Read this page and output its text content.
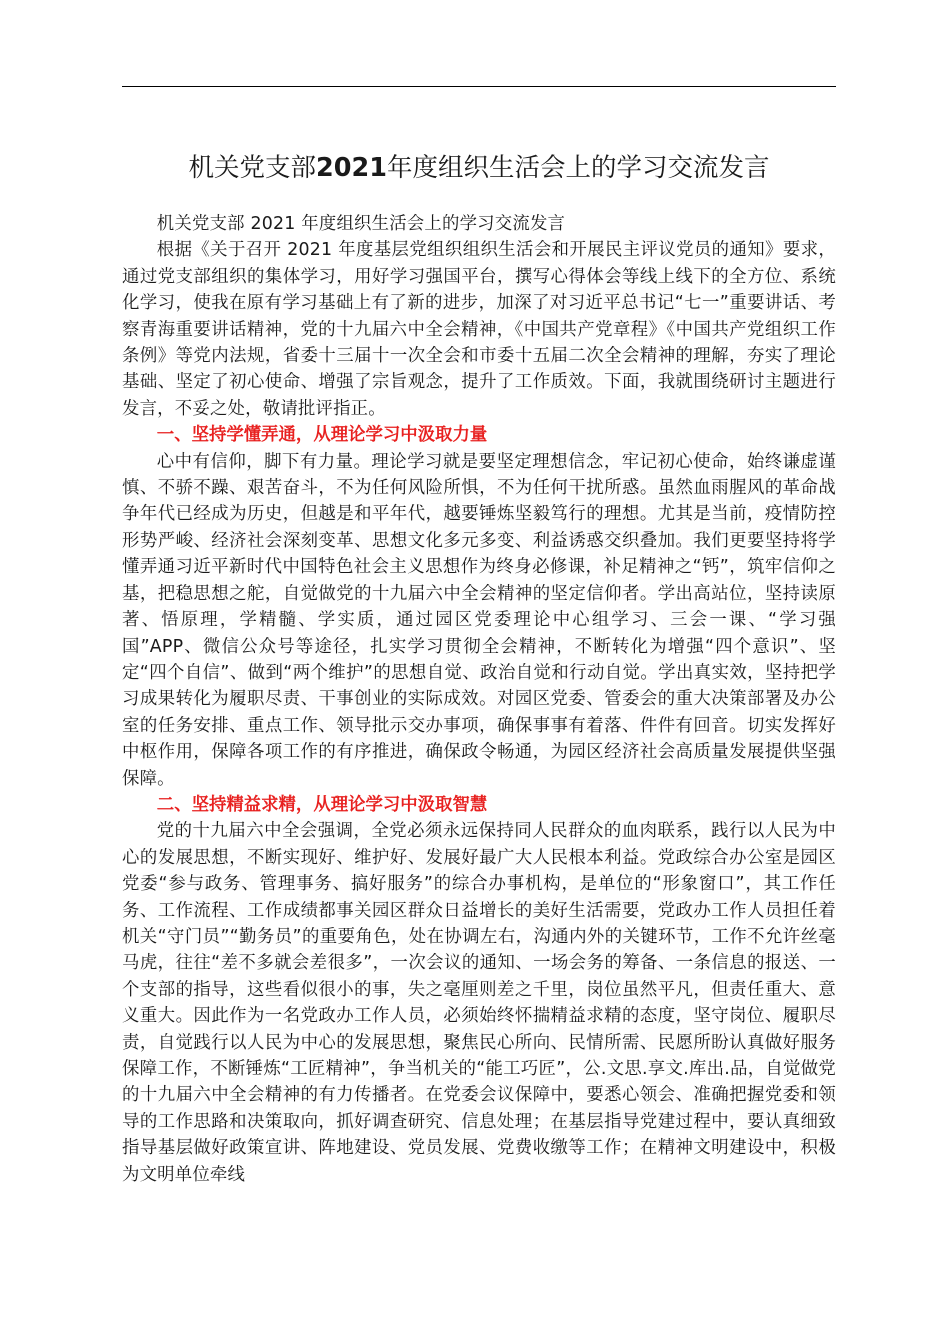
机关党支部2021年度组织生活会上的学习交流发言

机关党支部 2021 年度组织生活会上的学习交流发言

根据《关于召开 2021 年度基层党组织组织生活会和开展民主评议党员的通知》要求，通过党支部组织的集体学习，用好学习强国平台，撰写心得体会等线上线下的全方位、系统化学习，使我在原有学习基础上有了新的进步，加深了对习近平总书记“七一”重要讲话、考察青海重要讲话精神，党的十九届六中全会精神，《中国共产党章程》《中国共产党组织工作条例》等党内法规，省委十三届十一次全会和市委十五届二次全会精神的理解，夯实了理论基础、坚定了初心使命、增强了宗旨观念，提升了工作质效。下面，我就围绕研讨主题进行发言，不妥之处，敬请批评指正。

一、坚持学懂弄通，从理论学习中汲取力量

心中有信仰，脚下有力量。理论学习就是要坚定理想信念，牢记初心使命，始终谦虚谨慎、不骄不躁、艰苦奋斗，不为任何风险所惧，不为任何干扰所惑。虽然血雨腥风的革命战争年代已经成为历史，但越是和平年代，越要锤炼坚毅笃行的理想。尤其是当前，疫情防控形势严峻、经济社会深刻变革、思想文化多元多变、利益诱惑交织叠加。我们更要坚持将学懂弄通习近平新时代中国特色社会主义思想作为终身必修课，补足精神之“钙”，筑牢信仰之基，把稳思想之舵，自觉做党的十九届六中全会精神的坚定信仰者。学出高站位，坚持读原著、悟原理，学精髓、学实质，通过园区党委理论中心组学习、三会一课、“学习强国”APP、微信公众号等途径，扎实学习贯彻全会精神，不断转化为增强“四个意识”、坚定“四个自信”、做到“两个维护”的思想自觉、政治自觉和行动自觉。学出真实效，坚持把学习成果转化为履职尽责、干事创业的实际成效。对园区党委、管委会的重大决策部署及办公室的任务安排、重点工作、领导批示交办事项，确保事事有着落、件件有回音。切实发挥好中枢作用，保障各项工作的有序推进，确保政令畅通，为园区经济社会高质量发展提供坚强保障。

二、坚持精益求精，从理论学习中汲取智慧

党的十九届六中全会强调，全党必须永远保持同人民群众的血肉联系，践行以人民为中心的发展思想，不断实现好、维护好、发展好最广大人民根本利益。党政综合办公室是园区党委“参与政务、管理事务、搞好服务”的综合办事机构，是单位的“形象窗口”，其工作任务、工作流程、工作成绩都事关园区群众日益增长的美好生活需要，党政办工作人员担任着机关“守门员”“勤务员”的重要角色，处在协调左右，沟通内外的关键环节，工作不允许丝毫马虎，往往“差不多就会差很多”，一次会议的通知、一场会务的筹备、一条信息的报送、一个支部的指导，这些看似很小的事，失之毫厘则差之千里，岗位虽然平凡，但责任重大、意义重大。因此作为一名党政办工作人员，必须始终怀揣精益求精的态度，坚守岗位、履职尽责，自觉践行以人民为中心的发展思想，聚焦民心所向、民情所需、民愿所盼认真做好服务保障工作，不断锤炼“工匠精神”，争当机关的“能工巧匠”，公.文思.享文.库出.品，自觉做党的十九届六中全会精神的有力传播者。在党委会议保障中，要悉心领会、准确把握党委和领导的工作思路和决策取向，抓好调查研究、信息处理；在基层指导党建过程中，要认真细致指导基层做好政策宣讲、阵地建设、党员发展、党费收缴等工作；在精神文明建设中，积极为文明单位牵线
